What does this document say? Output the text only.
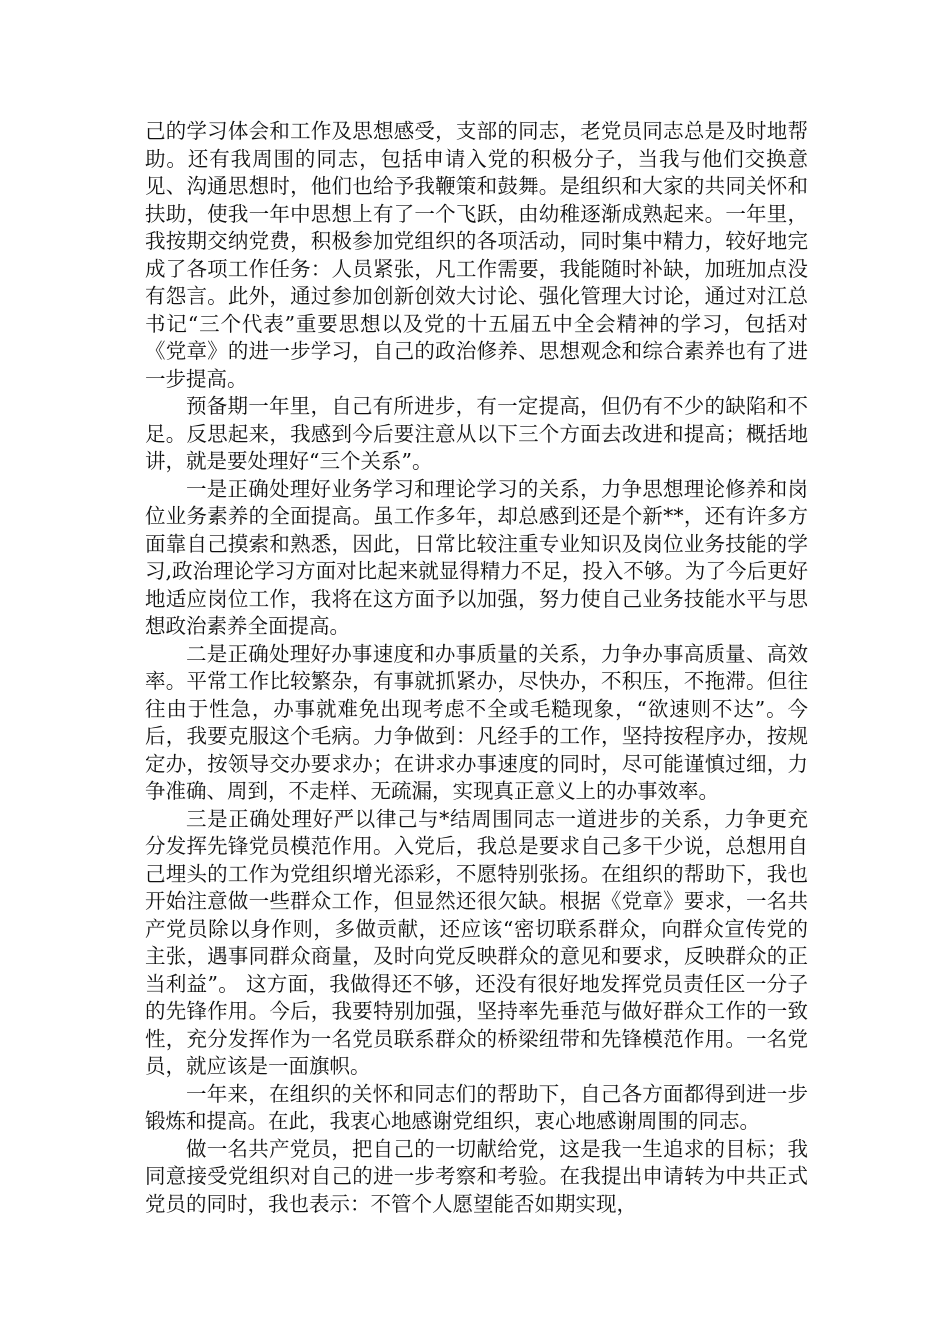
己的学习体会和工作及思想感受，支部的同志，老党员同志总是及时地帮助。还有我周围的同志，包括申请入党的积极分子，当我与他们交换意见、沟通思想时，他们也给予我鞭策和鼓舞。是组织和大家的共同关怀和扶助，使我一年中思想上有了一个飞跃，由幼稚逐渐成熟起来。一年里，我按期交纳党费，积极参加党组织的各项活动，同时集中精力，较好地完成了各项工作任务：人员紧张，凡工作需要，我能随时补缺，加班加点没有怨言。此外，通过参加创新创效大讨论、强化管理大讨论，通过对江总书记“三个代表”重要思想以及党的十五届五中全会精神的学习，包括对《党章》的进一步学习，自己的政治修养、思想观念和综合素养也有了进一步提高。

预备期一年里，自己有所进步，有一定提高，但仍有不少的缺陷和不足。反思起来，我感到今后要注意从以下三个方面去改进和提高；概括地讲，就是要处理好“三个关系”。

一是正确处理好业务学习和理论学习的关系，力争思想理论修养和岗位业务素养的全面提高。虽工作多年，却总感到还是个新**，还有许多方面靠自己摸索和熟悉，因此，日常比较注重专业知识及岗位业务技能的学习,政治理论学习方面对比起来就显得精力不足，投入不够。为了今后更好地适应岗位工作，我将在这方面予以加强，努力使自己业务技能水平与思想政治素养全面提高。

二是正确处理好办事速度和办事质量的关系，力争办事高质量、高效率。平常工作比较繁杂，有事就抓紧办，尽快办，不积压，不拖滞。但往往由于性急，办事就难免出现考虑不全或毛糙现象，“欲速则不达”。今后，我要克服这个毛病。力争做到：凡经手的工作，坚持按程序办，按规定办，按领导交办要求办；在讲求办事速度的同时，尽可能谨慎过细，力争准确、周到，不走样、无疏漏，实现真正意义上的办事效率。

三是正确处理好严以律己与*结周围同志一道进步的关系，力争更充分发挥先锋党员模范作用。入党后，我总是要求自己多干少说，总想用自己埋头的工作为党组织增光添彩，不愿特别张扬。在组织的帮助下，我也开始注意做一些群众工作，但显然还很欠缺。根据《党章》要求，一名共产党员除以身作则，多做贡献，还应该“密切联系群众，向群众宣传党的主张，遇事同群众商量，及时向党反映群众的意见和要求，反映群众的正当利益”。 这方面，我做得还不够，还没有很好地发挥党员责任区一分子的先锋作用。今后，我要特别加强，坚持率先垂范与做好群众工作的一致性，充分发挥作为一名党员联系群众的桥梁纽带和先锋模范作用。一名党员，就应该是一面旗帜。

一年来，在组织的关怀和同志们的帮助下，自己各方面都得到进一步锻炼和提高。在此，我衷心地感谢党组织，衷心地感谢周围的同志。

做一名共产党员，把自己的一切献给党，这是我一生追求的目标；我同意接受党组织对自己的进一步考察和考验。在我提出申请转为中共正式党员的同时，我也表示：不管个人愿望能否如期实现，
